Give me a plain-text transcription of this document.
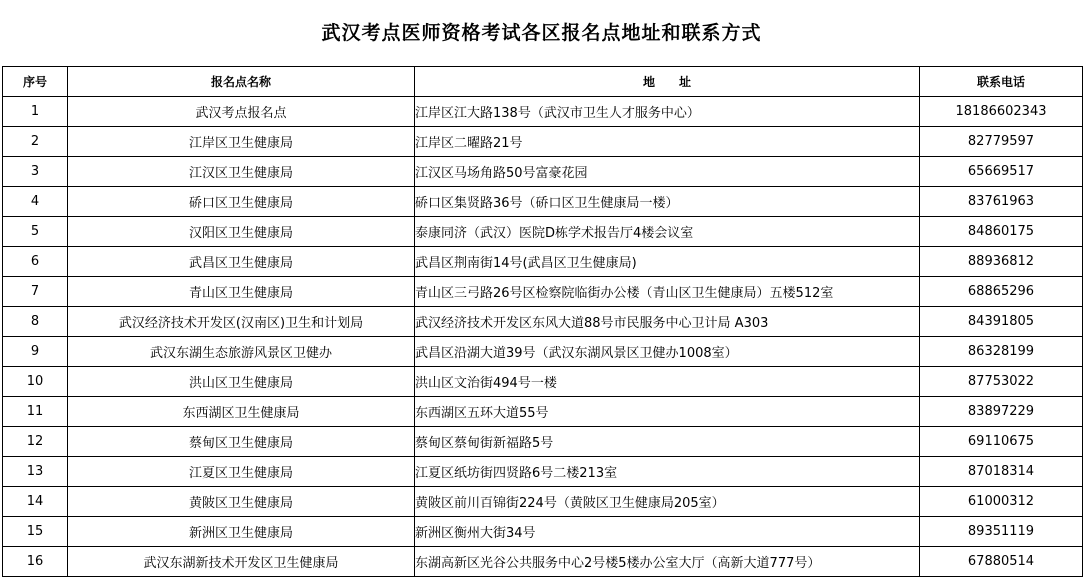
武汉考点医师资格考试各区报名点地址和联系方式
序号	报名点名称	地　　址	联系电话
1	武汉考点报名点	江岸区江大路138号（武汉市卫生人才服务中心）	18186602343
2	江岸区卫生健康局	江岸区二曜路21号	82779597
3	江汉区卫生健康局	江汉区马场角路50号富豪花园	65669517
4	硚口区卫生健康局	硚口区集贤路36号（硚口区卫生健康局一楼）	83761963
5	汉阳区卫生健康局	泰康同济（武汉）医院D栋学术报告厅4楼会议室	84860175
6	武昌区卫生健康局	武昌区荆南街14号(武昌区卫生健康局)	88936812
7	青山区卫生健康局	青山区三弓路26号区检察院临街办公楼（青山区卫生健康局）五楼512室	68865296
8	武汉经济技术开发区(汉南区)卫生和计划局	武汉经济技术开发区东风大道88号市民服务中心卫计局 A303	84391805
9	武汉东湖生态旅游风景区卫健办	武昌区沿湖大道39号（武汉东湖风景区卫健办1008室）	86328199
10	洪山区卫生健康局	洪山区文治街494号一楼	87753022
11	东西湖区卫生健康局	东西湖区五环大道55号	83897229
12	蔡甸区卫生健康局	蔡甸区蔡甸街新福路5号	69110675
13	江夏区卫生健康局	江夏区纸坊街四贤路6号二楼213室	87018314
14	黄陂区卫生健康局	黄陂区前川百锦街224号（黄陂区卫生健康局205室）	61000312
15	新洲区卫生健康局	新洲区衡州大街34号	89351119
16	武汉东湖新技术开发区卫生健康局	东湖高新区光谷公共服务中心2号楼5楼办公室大厅（高新大道777号）	67880514
